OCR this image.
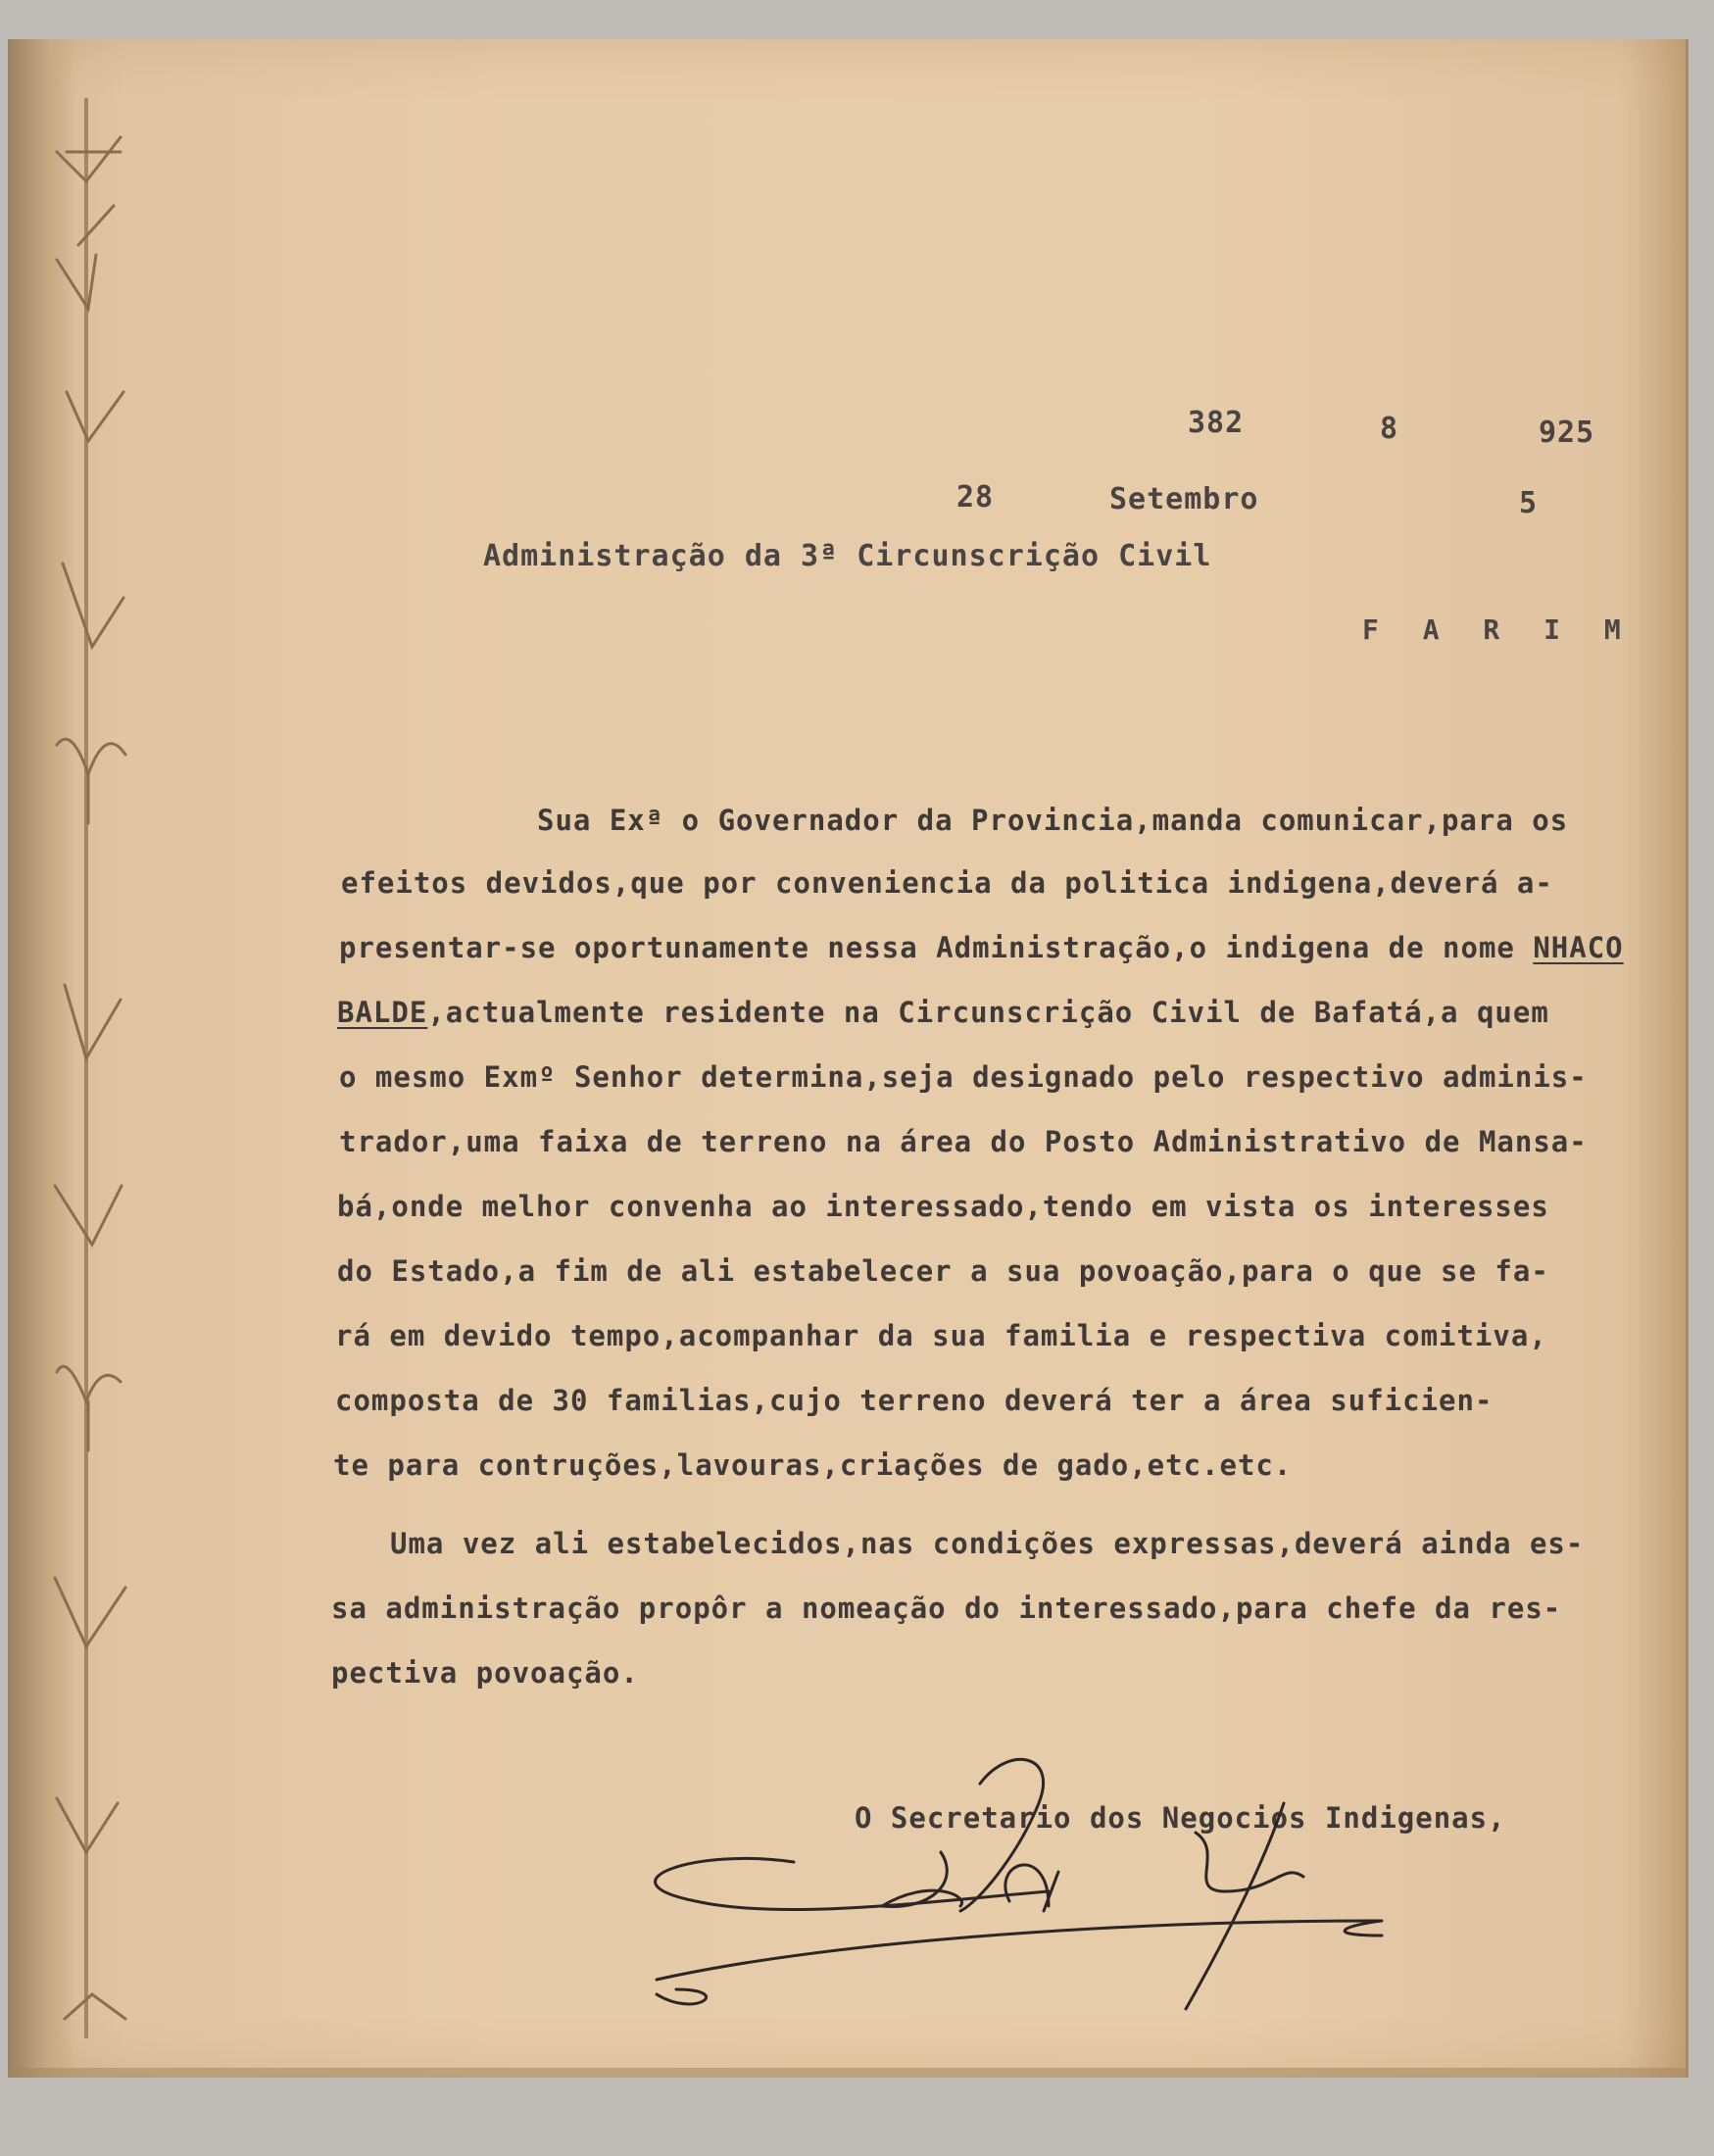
382	8	925
28	Setembro	5
Administração da 3ª Circunscrição Civil
F A R I M
Sua Exª o Governador da Provincia,manda comunicar,para os
efeitos devidos,que por conveniencia da politica indigena,deverá a-
presentar-se oportunamente nessa Administração,o indigena de nome NHACO
BALDE,actualmente residente na Circunscrição Civil de Bafatá,a quem
o mesmo Exmº Senhor determina,seja designado pelo respectivo adminis-
trador,uma faixa de terreno na área do Posto Administrativo de Mansa-
bá,onde melhor convenha ao interessado,tendo em vista os interesses
do Estado,a fim de ali estabelecer a sua povoação,para o que se fa-
rá em devido tempo,acompanhar da sua familia e respectiva comitiva,
composta de 30 familias,cujo terreno deverá ter a área suficien-
te para contruções,lavouras,criações de gado,etc.etc.
Uma vez ali estabelecidos,nas condições expressas,deverá ainda es-
sa administração propôr a nomeação do interessado,para chefe da res-
pectiva povoação.
O Secretario dos Negocios Indigenas,
